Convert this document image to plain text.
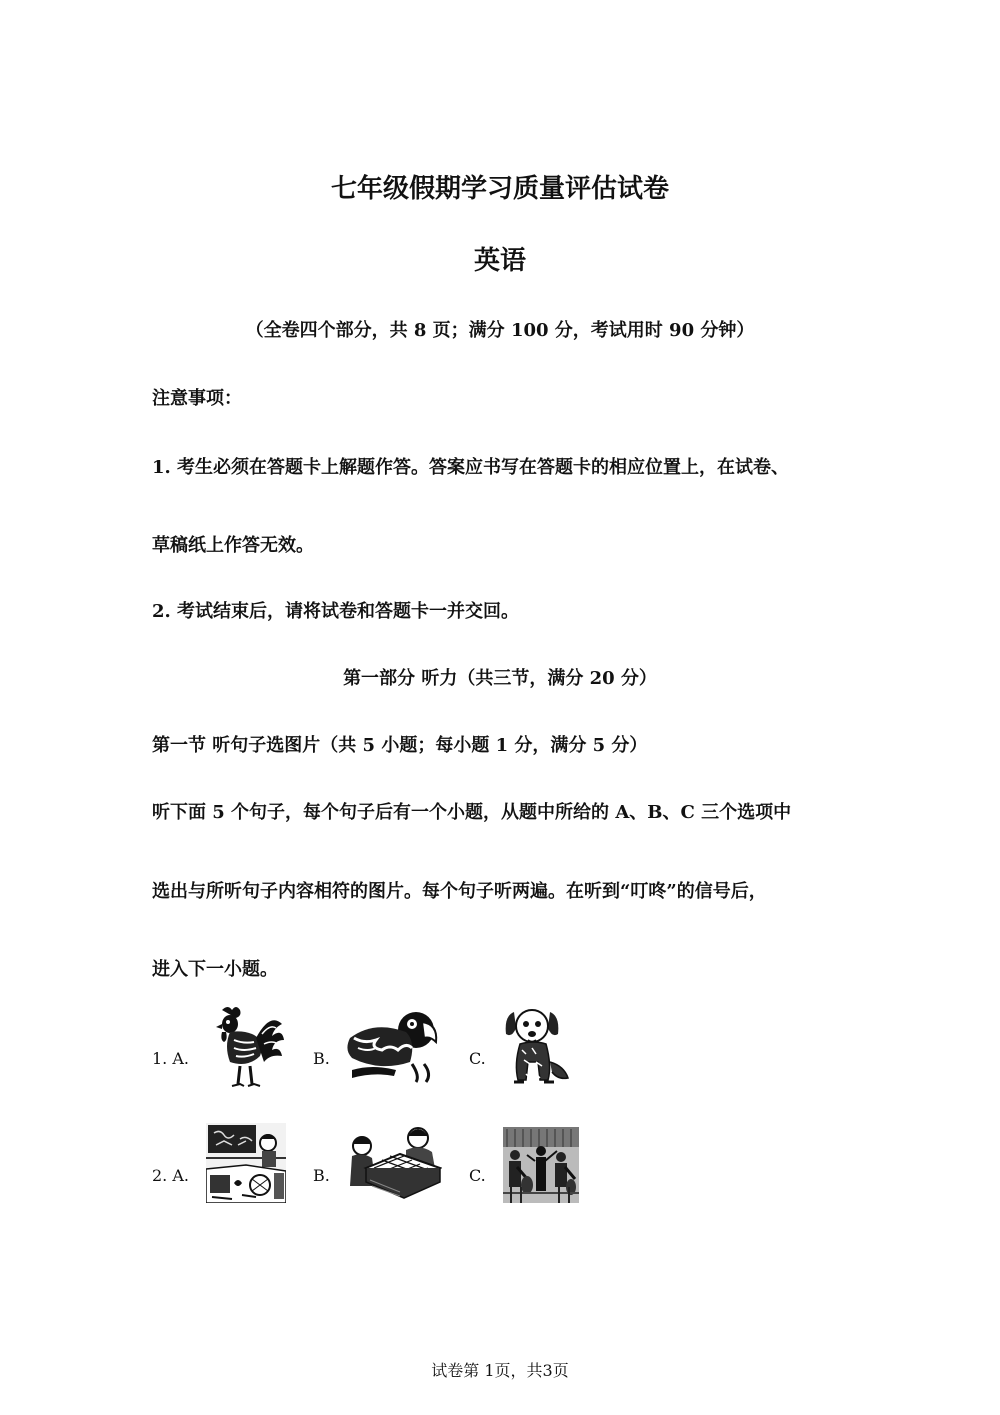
七年级假期学习质量评估试卷
英语
（全卷四个部分，共 8 页；满分 100 分，考试用时 90 分钟）
注意事项：
1. 考生必须在答题卡上解题作答。答案应书写在答题卡的相应位置上，在试卷、
草稿纸上作答无效。
2. 考试结束后，请将试卷和答题卡一并交回。
第一部分 听力（共三节，满分 20 分）
第一节 听句子选图片（共 5 小题；每小题 1 分，满分 5 分）
听下面 5 个句子，每个句子后有一个小题，从题中所给的 A、B、C 三个选项中
选出与所听句子内容相符的图片。每个句子听两遍。在听到“叮咚”的信号后，
进入下一小题。
1. A.	B.	C.
2. A.	B.	C.
试卷第 1页，共3页
